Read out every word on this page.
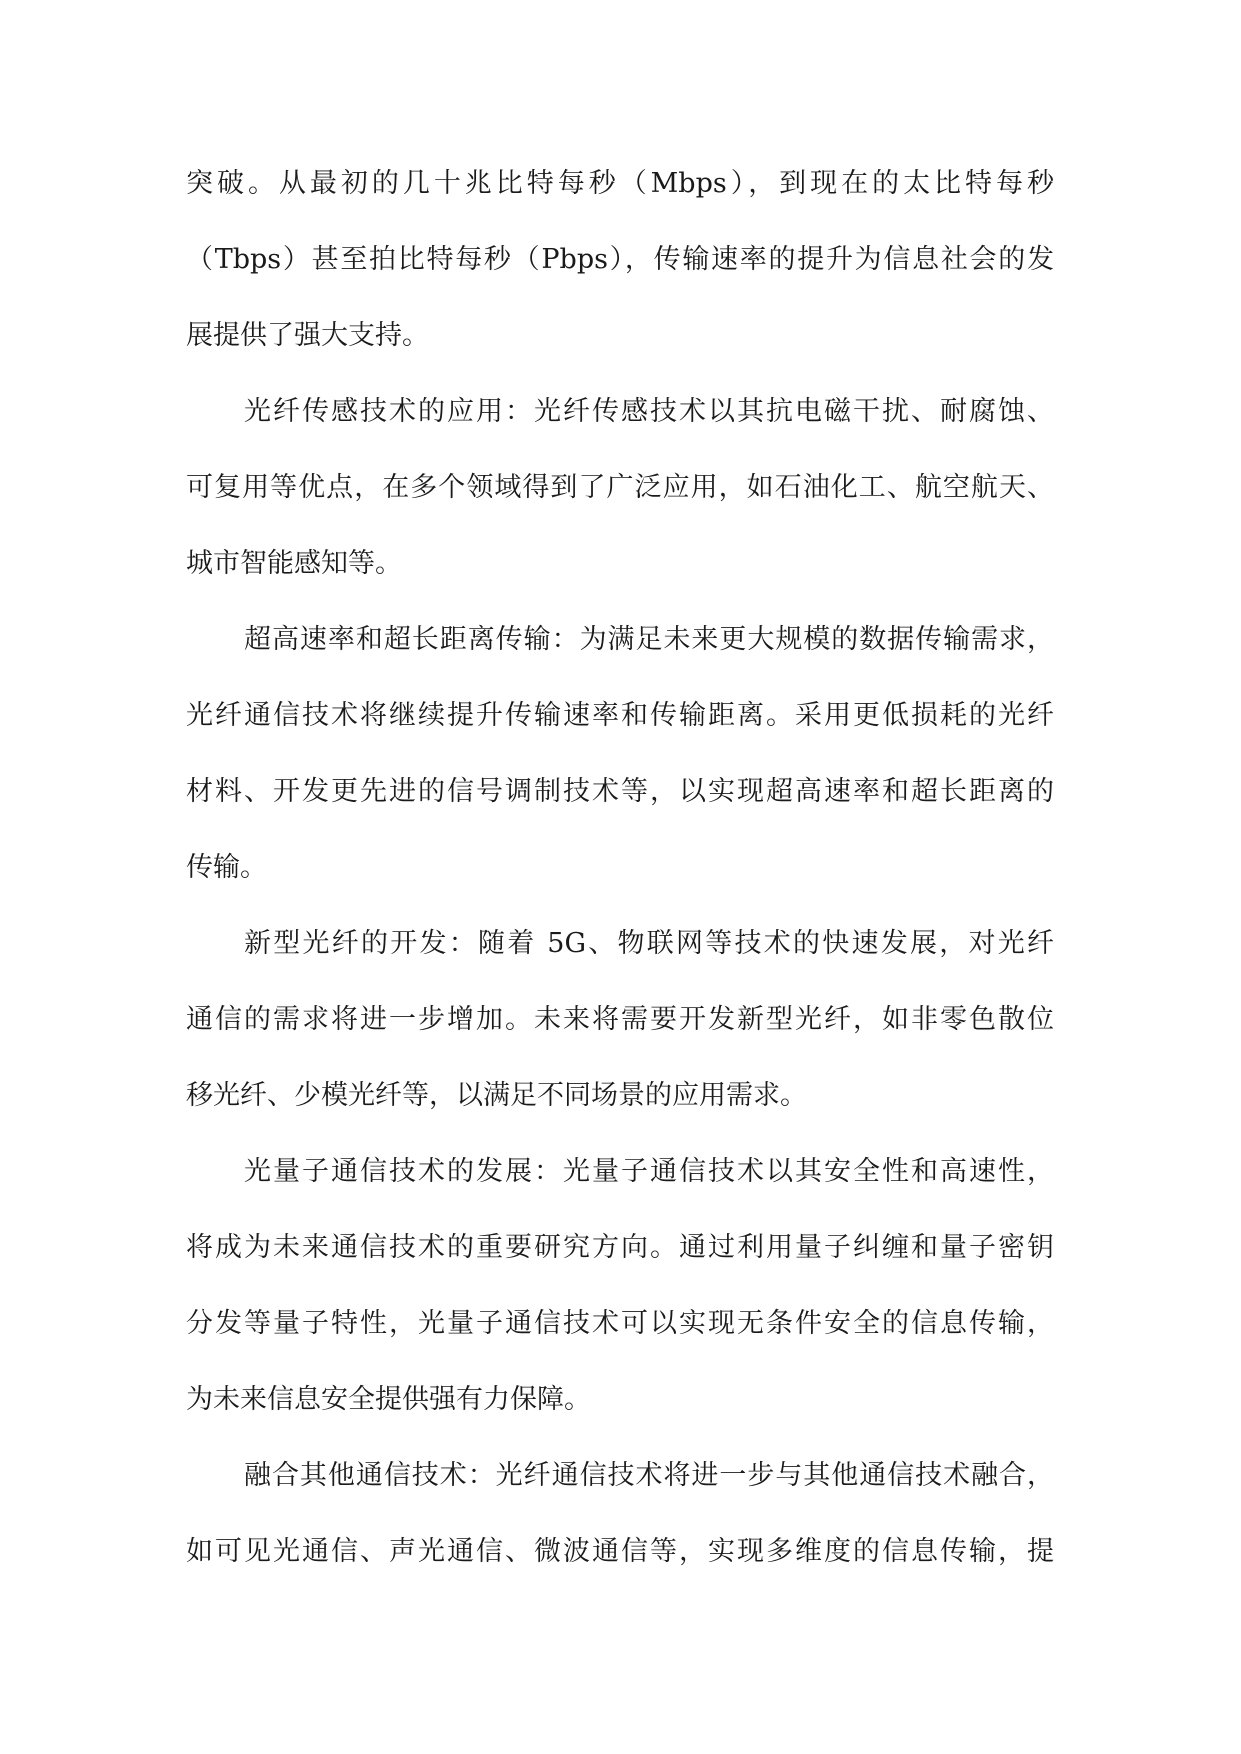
突破。从最初的几十兆比特每秒（Mbps），到现在的太比特每秒
（Tbps）甚至拍比特每秒（Pbps），传输速率的提升为信息社会的发
展提供了强大支持。
光纤传感技术的应用：光纤传感技术以其抗电磁干扰、耐腐蚀、
可复用等优点，在多个领域得到了广泛应用，如石油化工、航空航天、
城市智能感知等。
超高速率和超长距离传输：为满足未来更大规模的数据传输需求，
光纤通信技术将继续提升传输速率和传输距离。采用更低损耗的光纤
材料、开发更先进的信号调制技术等，以实现超高速率和超长距离的
传输。
新型光纤的开发：随着 5G、物联网等技术的快速发展，对光纤
通信的需求将进一步增加。未来将需要开发新型光纤，如非零色散位
移光纤、少模光纤等，以满足不同场景的应用需求。
光量子通信技术的发展：光量子通信技术以其安全性和高速性，
将成为未来通信技术的重要研究方向。通过利用量子纠缠和量子密钥
分发等量子特性，光量子通信技术可以实现无条件安全的信息传输，
为未来信息安全提供强有力保障。
融合其他通信技术：光纤通信技术将进一步与其他通信技术融合，
如可见光通信、声光通信、微波通信等，实现多维度的信息传输，提
